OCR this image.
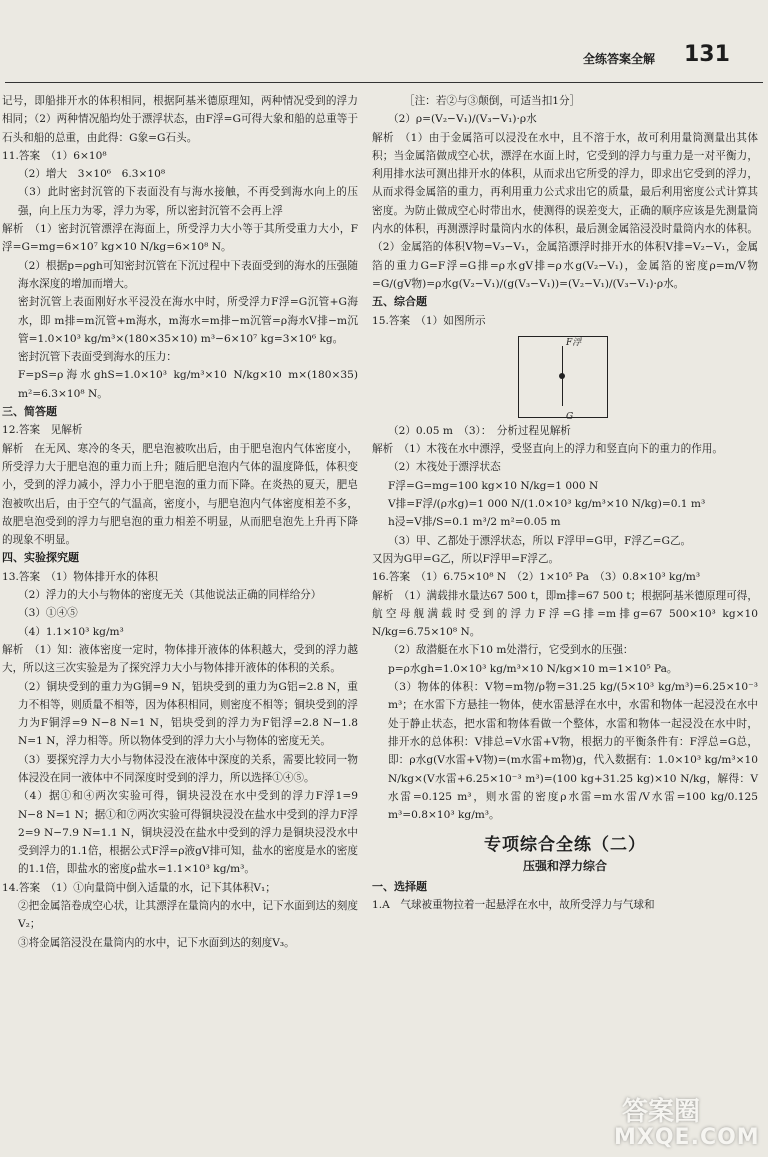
全练答案全解 131

记号，即船排开水的体积相同，根据阿基米德原理知，两种情况受到的浮力相同；（2）两种情况船均处于漂浮状态，由F浮=G可得大象和船的总重等于石头和船的总重，由此得：G象=G石头。

11.答案　（1）6×10⁸

（2）增大　3×10⁶　6.3×10⁸

（3）此时密封沉管的下表面没有与海水接触，不再受到海水向上的压强，向上压力为零，浮力为零，所以密封沉管不会再上浮

解析　（1）密封沉管漂浮在海面上，所受浮力大小等于其所受重力大小，F浮=G=mg=6×10⁷ kg×10 N/kg=6×10⁸ N。

（2）根据p=ρgh可知密封沉管在下沉过程中下表面受到的海水的压强随海水深度的增加而增大。

密封沉管上表面刚好水平浸没在海水中时，所受浮力F浮=G沉管+G海水，即 m排=m沉管+m海水，m海水=m排−m沉管=ρ海水V排−m沉管=1.0×10³ kg/m³×(180×35×10) m³−6×10⁷ kg=3×10⁶ kg。

密封沉管下表面受到海水的压力：

F=pS=ρ海水ghS=1.0×10³ kg/m³×10 N/kg×10 m×(180×35) m²=6.3×10⁸ N。

三、简答题

12.答案　见解析

解析　在无风、寒冷的冬天，肥皂泡被吹出后，由于肥皂泡内气体密度小，所受浮力大于肥皂泡的重力而上升；随后肥皂泡内气体的温度降低，体积变小，受到的浮力减小，浮力小于肥皂泡的重力而下降。在炎热的夏天，肥皂泡被吹出后，由于空气的气温高，密度小，与肥皂泡内气体密度相差不多，故肥皂泡受到的浮力与肥皂泡的重力相差不明显，从而肥皂泡先上升再下降的现象不明显。

四、实验探究题

13.答案　（1）物体排开水的体积

（2）浮力的大小与物体的密度无关（其他说法正确的同样给分）

（3）①④⑤

（4）1.1×10³ kg/m³

解析　（1）知：液体密度一定时，物体排开液体的体积越大，受到的浮力越大，所以这三次实验是为了探究浮力大小与物体排开液体的体积的关系。

（2）铜块受到的重力为G铜=9 N，铝块受到的重力为G铝=2.8 N，重力不相等，则质量不相等，因为体积相同，则密度不相等；铜块受到的浮力为F铜浮=9 N−8 N=1 N，铝块受到的浮力为F铝浮=2.8 N−1.8 N=1 N，浮力相等。所以物体受到的浮力大小与物体的密度无关。

（3）要探究浮力大小与物体浸没在液体中深度的关系，需要比较同一物体浸没在同一液体中不同深度时受到的浮力，所以选择①④⑤。

（4）据①和④两次实验可得，铜块浸没在水中受到的浮力F浮1=9 N−8 N=1 N；据①和⑦两次实验可得铜块浸没在盐水中受到的浮力F浮2=9 N−7.9 N=1.1 N，铜块浸没在盐水中受到的浮力是铜块浸没水中受到浮力的1.1倍，根据公式F浮=ρ液gV排可知，盐水的密度是水的密度的1.1倍，即盐水的密度ρ盐水=1.1×10³ kg/m³。

14.答案　（1）①向量筒中倒入适量的水，记下其体积V₁；

②把金属箔卷成空心状，让其漂浮在量筒内的水中，记下水面到达的刻度V₂；

③将金属箔浸没在量筒内的水中，记下水面到达的刻度V₃。

［注：若②与③颠倒，可适当扣1分］

（2）ρ=(V₂−V₁)/(V₃−V₁)·ρ水

解析　（1）由于金属箔可以浸没在水中，且不溶于水，故可利用量筒测量出其体积；当金属箔做成空心状，漂浮在水面上时，它受到的浮力与重力是一对平衡力，利用排水法可测出排开水的体积，从而求出它所受的浮力，即求出它受到的浮力，从而求得金属箔的重力，再利用重力公式求出它的质量，最后利用密度公式计算其密度。为防止做成空心时带出水，使测得的误差变大，正确的顺序应该是先测量筒内水的体积，再测漂浮时量筒内水的体积，最后测金属箔浸没时量筒内水的体积。（2）金属箔的体积V物=V₃−V₁，金属箔漂浮时排开水的体积V排=V₂−V₁，金属箔的重力G=F浮=G排=ρ水gV排=ρ水g(V₂−V₁)，金属箔的密度ρ=m/V物=G/(gV物)=ρ水g(V₂−V₁)/(g(V₃−V₁))=(V₂−V₁)/(V₃−V₁)·ρ水。

五、综合题

15.答案　（1）如图所示

F浮
G

（2）0.05 m　（3）：　分析过程见解析

解析　（1）木筏在水中漂浮，受竖直向上的浮力和竖直向下的重力的作用。

（2）木筏处于漂浮状态

F浮=G=mg=100 kg×10 N/kg=1 000 N

V排=F浮/(ρ水g)=1 000 N/(1.0×10³ kg/m³×10 N/kg)=0.1 m³

h浸=V排/S=0.1 m³/2 m²=0.05 m

（3）甲、乙都处于漂浮状态，所以 F浮甲=G甲，F浮乙=G乙。

又因为G甲=G乙，所以F浮甲=F浮乙。

16.答案　（1）6.75×10⁸ N　（2）1×10⁵ Pa　（3）0.8×10³ kg/m³

解析　（1）满载排水量达67 500 t，即m排=67 500 t；根据阿基米德原理可得，航空母舰满载时受到的浮力F浮=G排=m排g=67 500×10³ kg×10 N/kg=6.75×10⁸ N。

（2）敌潜艇在水下10 m处潜行，它受到水的压强：

p=ρ水gh=1.0×10³ kg/m³×10 N/kg×10 m=1×10⁵ Pa。

（3）物体的体积：V物=m物/ρ物=31.25 kg/(5×10³ kg/m³)=6.25×10⁻³ m³；在水雷下方悬挂一物体，使水雷悬浮在水中，水雷和物体一起浸没在水中处于静止状态，把水雷和物体看做一个整体，水雷和物体一起浸没在水中时，排开水的总体积：V排总=V水雷+V物，根据力的平衡条件有：F浮总=G总，即：ρ水g(V水雷+V物)=(m水雷+m物)g，代入数据有：1.0×10³ kg/m³×10 N/kg×(V水雷+6.25×10⁻³ m³)=(100 kg+31.25 kg)×10 N/kg，解得：V水雷=0.125 m³，则水雷的密度ρ水雷=m水雷/V水雷=100 kg/0.125 m³=0.8×10³ kg/m³。

专项综合全练（二）
压强和浮力综合

一、选择题

1.A　气球被重物拉着一起悬浮在水中，故所受浮力与气球和

答案圈
MXQE.COM
